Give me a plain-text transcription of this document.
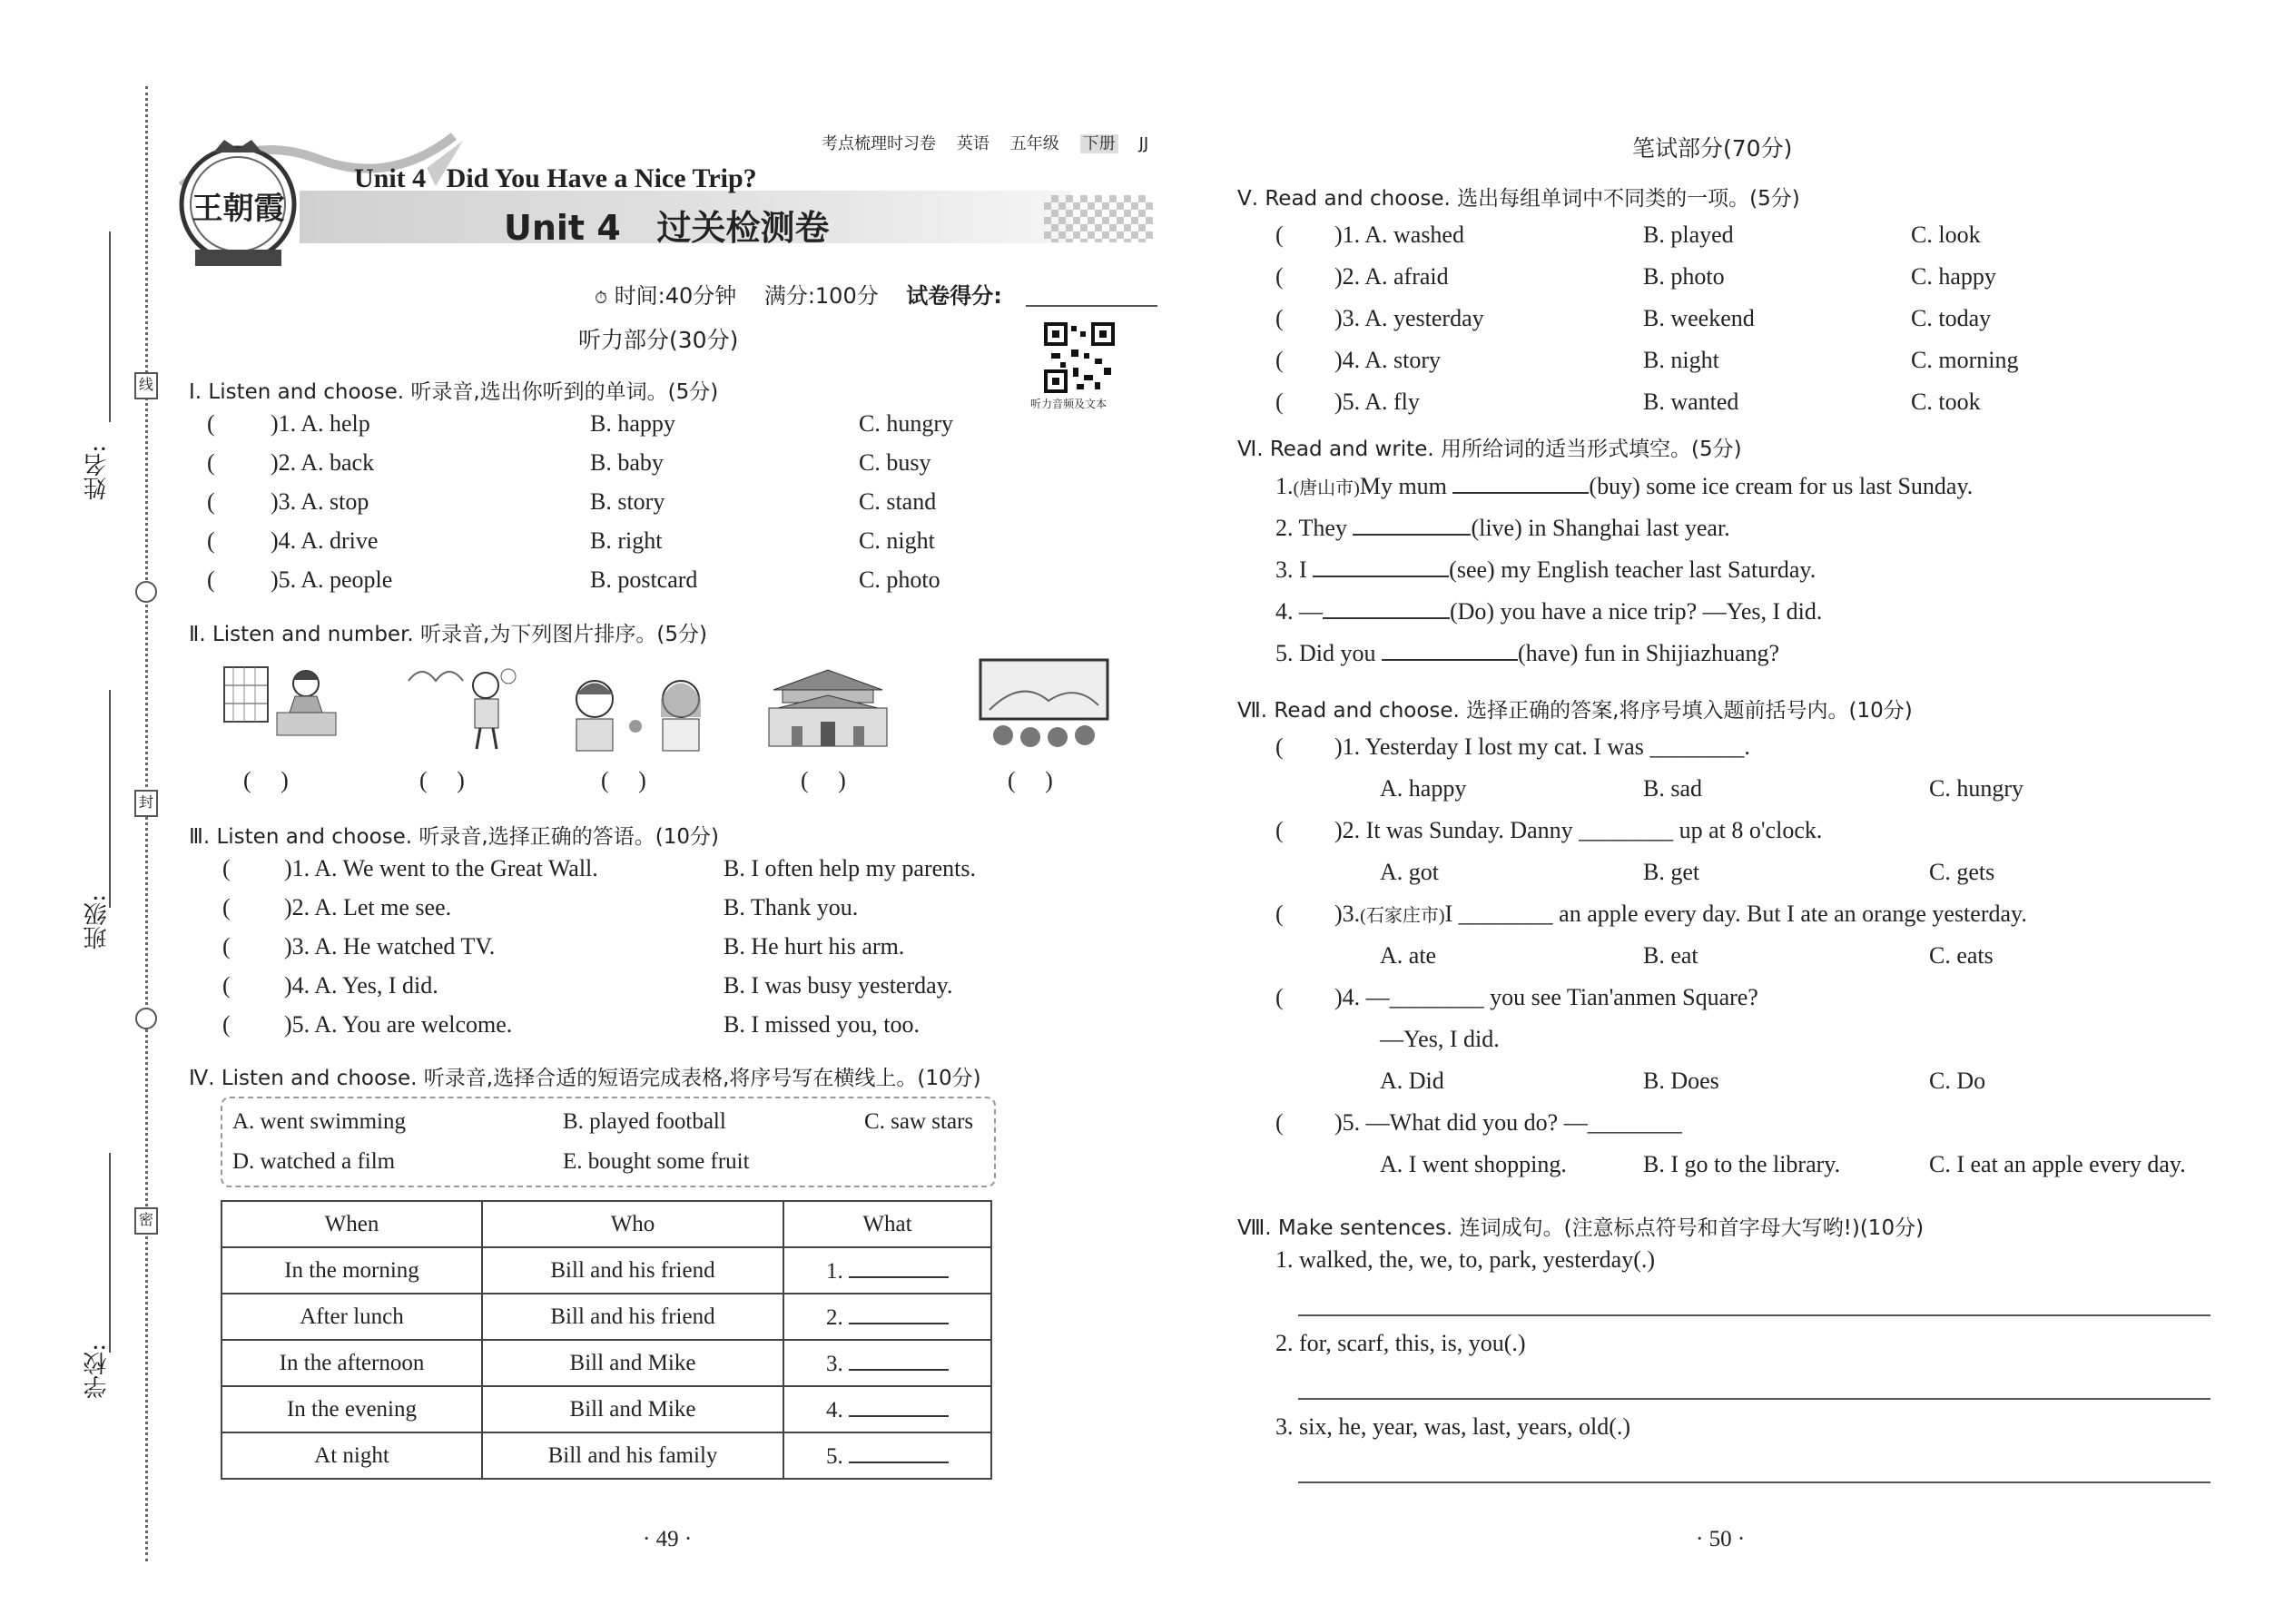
姓名:
班级:
学校:
线
封
密
考点梳理时习卷 英语 五年级 下册 JJ
王朝霞
Unit 4   Did You Have a Nice Trip?
Unit 4   过关检测卷
⏱ 时间:40分钟 满分:100分 试卷得分:
听力音频及文本
听力部分(30分)
Ⅰ. Listen and choose. 听录音,选出你听到的单词。(5分)
( )1. A. help	B. happy	C. hungry
( )2. A. back	B. baby	C. busy
( )3. A. stop	B. story	C. stand
( )4. A. drive	B. right	C. night
( )5. A. people	B. postcard	C. photo
Ⅱ. Listen and number. 听录音,为下列图片排序。(5分)
(     )	(     )	(     )	(     )	(     )
Ⅲ. Listen and choose. 听录音,选择正确的答语。(10分)
( )1. A. We went to the Great Wall.	B. I often help my parents.
( )2. A. Let me see.	B. Thank you.
( )3. A. He watched TV.	B. He hurt his arm.
( )4. A. Yes, I did.	B. I was busy yesterday.
( )5. A. You are welcome.	B. I missed you, too.
Ⅳ. Listen and choose. 听录音,选择合适的短语完成表格,将序号写在横线上。(10分)
A. went swimming	B. played football	C. saw stars
D. watched a film	E. bought some fruit
When	Who	What
In the morning	Bill and his friend	1.
After lunch	Bill and his friend	2.
In the afternoon	Bill and Mike	3.
In the evening	Bill and Mike	4.
At night	Bill and his family	5.
· 49 ·
笔试部分(70分)
Ⅴ. Read and choose. 选出每组单词中不同类的一项。(5分)
( )1. A. washed	B. played	C. look
( )2. A. afraid	B. photo	C. happy
( )3. A. yesterday	B. weekend	C. today
( )4. A. story	B. night	C. morning
( )5. A. fly	B. wanted	C. took
Ⅵ. Read and write. 用所给词的适当形式填空。(5分)
1.(唐山市)My mum	(buy) some ice cream for us last Sunday.
2. They	(live) in Shanghai last year.
3. I	(see) my English teacher last Saturday.
4. —	(Do) you have a nice trip? —Yes, I did.
5. Did you	(have) fun in Shijiazhuang?
Ⅶ. Read and choose. 选择正确的答案,将序号填入题前括号内。(10分)
( )1. Yesterday I lost my cat. I was ________.
A. happy	B. sad	C. hungry
( )2. It was Sunday. Danny ________ up at 8 o'clock.
A. got	B. get	C. gets
( )3.(石家庄市)I ________ an apple every day. But I ate an orange yesterday.
A. ate	B. eat	C. eats
( )4. —________ you see Tian'anmen Square?
—Yes, I did.
A. Did	B. Does	C. Do
( )5. —What did you do? —________
A. I went shopping.	B. I go to the library.	C. I eat an apple every day.
Ⅷ. Make sentences. 连词成句。(注意标点符号和首字母大写哟!)(10分)
1. walked, the, we, to, park, yesterday(.)
2. for, scarf, this, is, you(.)
3. six, he, year, was, last, years, old(.)
· 50 ·
